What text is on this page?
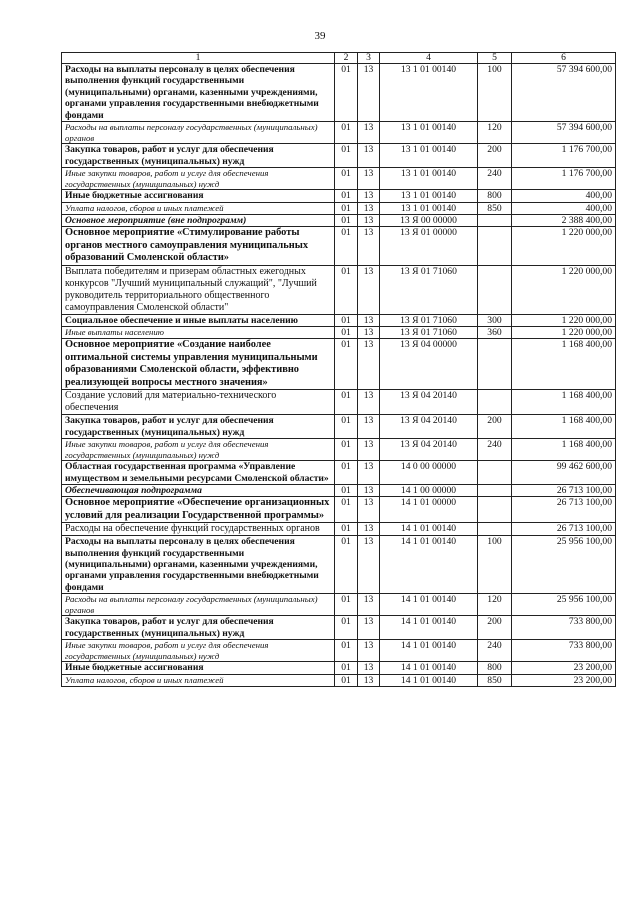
39
1	2	3	4	5	6
Расходы на выплаты персоналу в целях обеспечения выполнения функций государственными (муниципальными) органами, казенными учреждениями, органами управления государственными внебюджетными фондами	01	13	13 1 01 00140	100	57 394 600,00
Расходы на выплаты персоналу государственных (муниципальных) органов	01	13	13 1 01 00140	120	57 394 600,00
Закупка товаров, работ и услуг для обеспечения государственных (муниципальных) нужд	01	13	13 1 01 00140	200	1 176 700,00
Иные закупки товаров, работ и услуг для обеспечения государственных (муниципальных) нужд	01	13	13 1 01 00140	240	1 176 700,00
Иные бюджетные ассигнования	01	13	13 1 01 00140	800	400,00
Уплата налогов, сборов и иных платежей	01	13	13 1 01 00140	850	400,00
Основное мероприятие (вне подпрограмм)	01	13	13 Я 00 00000		2 388 400,00
Основное мероприятие «Стимулирование работы органов местного самоуправления муниципальных образований Смоленской области»	01	13	13 Я 01 00000		1 220 000,00
Выплата победителям и призерам областных ежегодных конкурсов "Лучший муниципальный служащий", "Лучший руководитель территориального общественного самоуправления Смоленской области"	01	13	13 Я 01 71060		1 220 000,00
Социальное обеспечение и иные выплаты населению	01	13	13 Я 01 71060	300	1 220 000,00
Иные выплаты населению	01	13	13 Я 01 71060	360	1 220 000,00
Основное мероприятие «Создание наиболее оптимальной системы управления муниципальными образованиями Смоленской области, эффективно реализующей вопросы местного значения»	01	13	13 Я 04 00000		1 168 400,00
Создание условий для материально-технического обеспечения	01	13	13 Я 04 20140		1 168 400,00
Закупка товаров, работ и услуг для обеспечения государственных (муниципальных) нужд	01	13	13 Я 04 20140	200	1 168 400,00
Иные закупки товаров, работ и услуг для обеспечения государственных (муниципальных) нужд	01	13	13 Я 04 20140	240	1 168 400,00
Областная государственная программа «Управление имуществом и земельными ресурсами Смоленской области»	01	13	14 0 00 00000		99 462 600,00
Обеспечивающая подпрограмма	01	13	14 1 00 00000		26 713 100,00
Основное мероприятие «Обеспечение организационных условий для реализации Государственной программы»	01	13	14 1 01 00000		26 713 100,00
Расходы на обеспечение функций государственных органов	01	13	14 1 01 00140		26 713 100,00
Расходы на выплаты персоналу в целях обеспечения выполнения функций государственными (муниципальными) органами, казенными учреждениями, органами управления государственными внебюджетными фондами	01	13	14 1 01 00140	100	25 956 100,00
Расходы на выплаты персоналу государственных (муниципальных) органов	01	13	14 1 01 00140	120	25 956 100,00
Закупка товаров, работ и услуг для обеспечения государственных (муниципальных) нужд	01	13	14 1 01 00140	200	733 800,00
Иные закупки товаров, работ и услуг для обеспечения государственных (муниципальных) нужд	01	13	14 1 01 00140	240	733 800,00
Иные бюджетные ассигнования	01	13	14 1 01 00140	800	23 200,00
Уплата налогов, сборов и иных платежей	01	13	14 1 01 00140	850	23 200,00
